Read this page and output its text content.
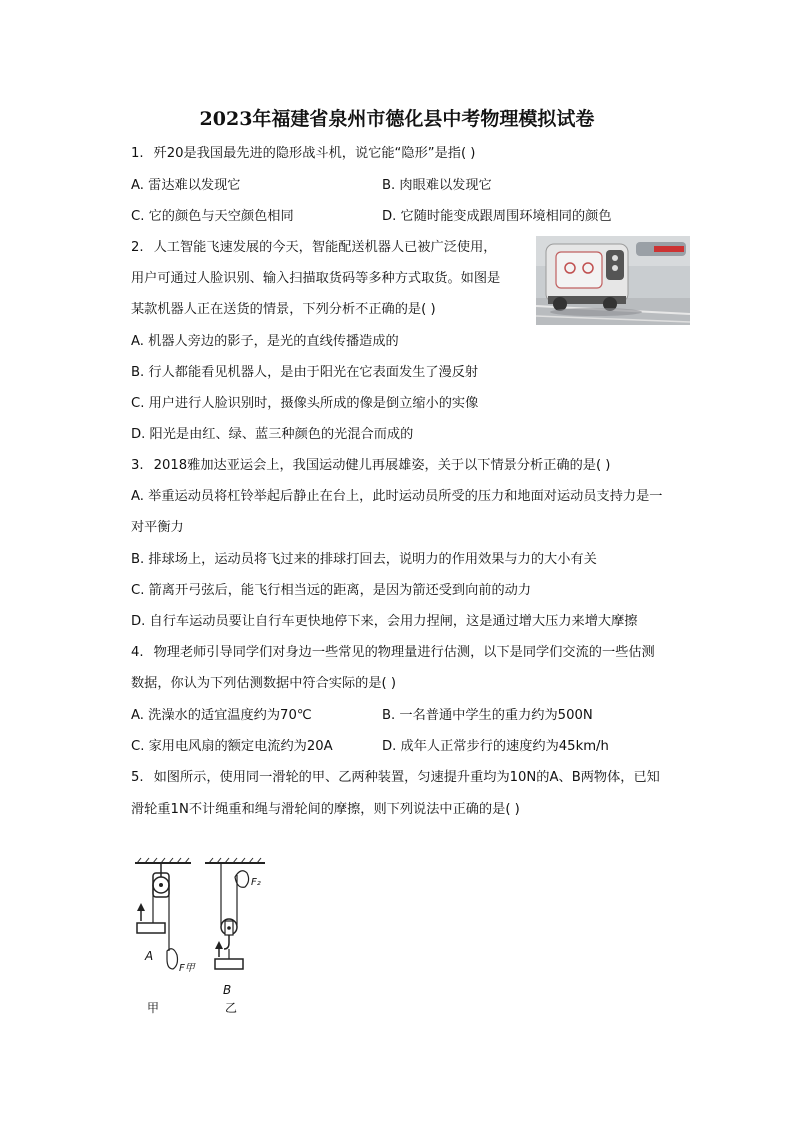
2023年福建省泉州市德化县中考物理模拟试卷
1. 歼20是我国最先进的隐形战斗机，说它能“隐形”是指( )
A. 雷达难以发现它	B. 肉眼难以发现它
C. 它的颜色与天空颜色相同	D. 它随时能变成跟周围环境相同的颜色
2. 人工智能飞速发展的今天，智能配送机器人已被广泛使用，
用户可通过人脸识别、输入扫描取货码等多种方式取货。如图是
某款机器人正在送货的情景，下列分析不正确的是( )
A. 机器人旁边的影子，是光的直线传播造成的
B. 行人都能看见机器人，是由于阳光在它表面发生了漫反射
C. 用户进行人脸识别时，摄像头所成的像是倒立缩小的实像
D. 阳光是由红、绿、蓝三种颜色的光混合而成的
3. 2018雅加达亚运会上，我国运动健儿再展雄姿，关于以下情景分析正确的是( )
A. 举重运动员将杠铃举起后静止在台上，此时运动员所受的压力和地面对运动员支持力是一
对平衡力
B. 排球场上，运动员将飞过来的排球打回去，说明力的作用效果与力的大小有关
C. 箭离开弓弦后，能飞行相当远的距离，是因为箭还受到向前的动力
D. 自行车运动员要让自行车更快地停下来，会用力捏闸，这是通过增大压力来增大摩擦
4. 物理老师引导同学们对身边一些常见的物理量进行估测，以下是同学们交流的一些估测
数据，你认为下列估测数据中符合实际的是( )
A. 洗澡水的适宜温度约为70℃	B. 一名普通中学生的重力约为500N
C. 家用电风扇的额定电流约为20A	D. 成年人正常步行的速度约为45km/h
5. 如图所示，使用同一滑轮的甲、乙两种装置，匀速提升重均为10N的A、B两物体，已知
滑轮重1N不计绳重和绳与滑轮间的摩擦，则下列说法中正确的是( )
A
B
F甲
F₂
甲	乙
